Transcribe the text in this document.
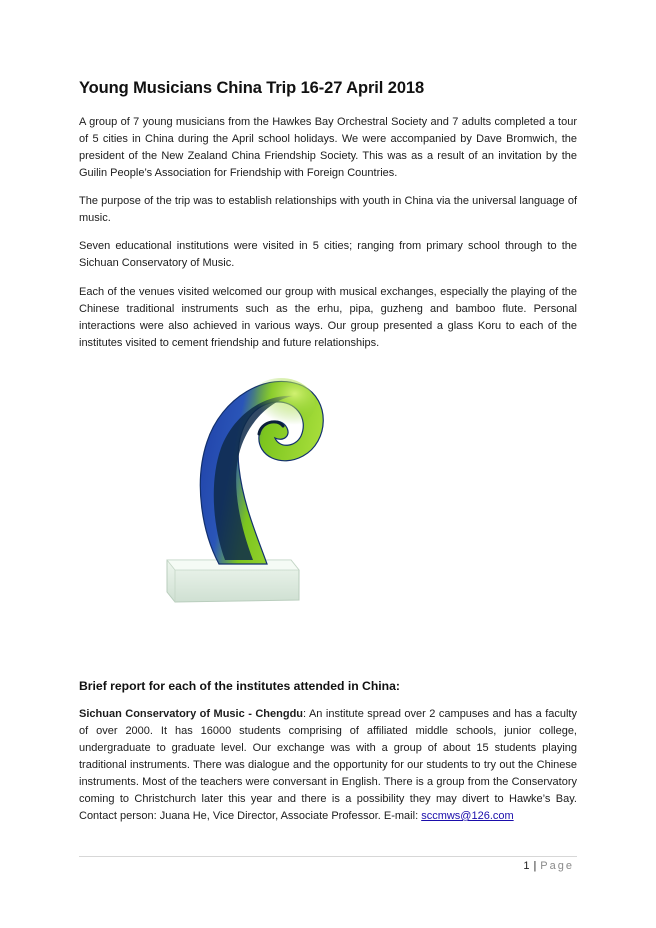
Young Musicians China Trip 16-27 April 2018

A group of 7 young musicians from the Hawkes Bay Orchestral Society and 7 adults completed a tour of 5 cities in China during the April school holidays. We were accompanied by Dave Bromwich, the president of the New Zealand China Friendship Society. This was as a result of an invitation by the Guilin People’s Association for Friendship with Foreign Countries.

The purpose of the trip was to establish relationships with youth in China via the universal language of music.

Seven educational institutions were visited in 5 cities; ranging from primary school through to the Sichuan Conservatory of Music.

Each of the venues visited welcomed our group with musical exchanges, especially the playing of the Chinese traditional instruments such as the erhu, pipa, guzheng and bamboo flute. Personal interactions were also achieved in various ways. Our group presented a glass Koru to each of the institutes visited to cement friendship and future relationships.

Brief report for each of the institutes attended in China:

Sichuan Conservatory of Music - Chengdu: An institute spread over 2 campuses and has a faculty of over 2000. It has 16000 students comprising of affiliated middle schools, junior college, undergraduate to graduate level. Our exchange was with a group of about 15 students playing traditional instruments. There was dialogue and the opportunity for our students to try out the Chinese instruments. Most of the teachers were conversant in English. There is a group from the Conservatory coming to Christchurch later this year and there is a possibility they may divert to Hawke’s Bay. Contact person: Juana He, Vice Director, Associate Professor. E-mail: sccmws@126.com

1 | Page
